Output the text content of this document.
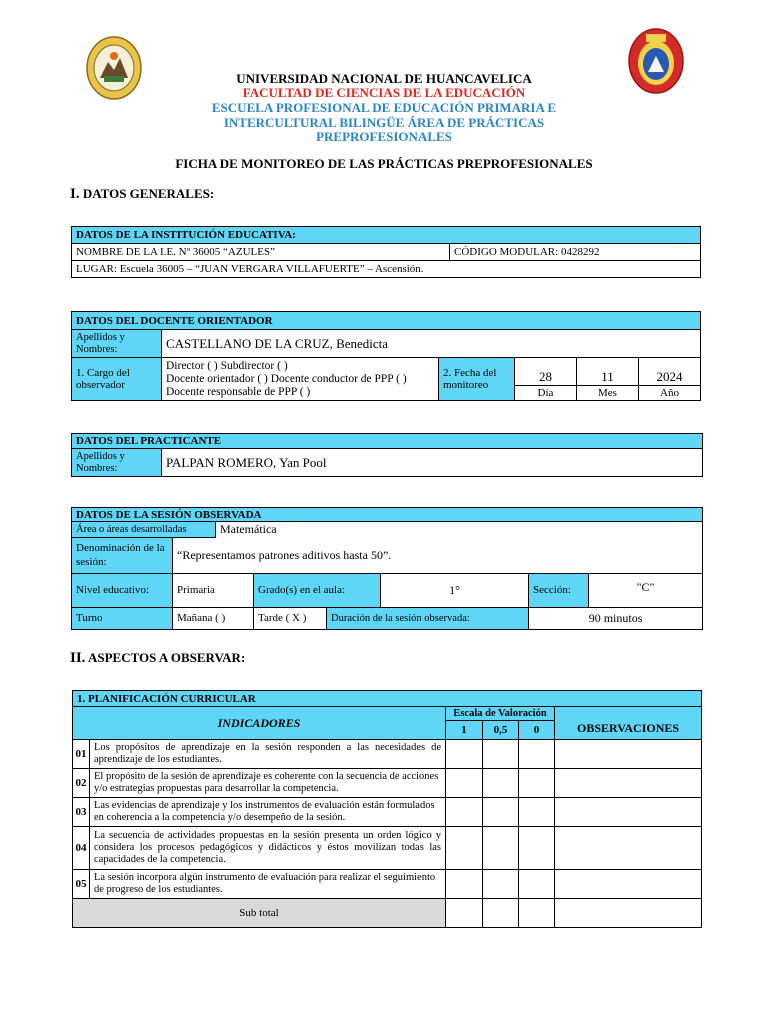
UNIVERSIDAD NACIONAL DE HUANCAVELICA
FACULTAD DE CIENCIAS DE LA EDUCACIÓN
ESCUELA PROFESIONAL DE EDUCACIÓN PRIMARIA E
INTERCULTURAL BILINGÜE ÁREA DE PRÁCTICAS
PREPROFESIONALES
FICHA DE MONITOREO DE LAS PRÁCTICAS PREPROFESIONALES
I. DATOS GENERALES:
DATOS DE LA INSTITUCIÓN EDUCATIVA:
NOMBRE DE LA I.E. Nº 36005 “AZULES”	CÓDIGO MODULAR: 0428292
LUGAR: Escuela 36005 – “JUAN VERGARA VILLAFUERTE” – Ascensión.
DATOS DEL DOCENTE ORIENTADOR					
Apellidos y Nombres:	CASTELLANO DE LA CRUZ, Benedicta				
1. Cargo del observador	Director ( ) Subdirector ( )
Docente orientador ( ) Docente conductor de PPP ( )
Docente responsable de PPP ( )	2. Fecha del monitoreo	28	11	2024
			Día	Mes	Año
DATOS DEL PRACTICANTE
Apellidos y Nombres:	PALPAN ROMERO, Yan Pool
DATOS DE LA SESIÓN OBSERVADA							
Área o áreas desarrolladas		Matemática					
Denominación de la sesión:	“Representamos patrones aditivos hasta 50”.						
Nivel educativo:	Primaria		Grado(s) en el aula:		1°	Sección:	"C"
Turno	Mañana ( )		Tarde ( X )	Duración de la sesión observada:		90 minutos	
II. ASPECTOS A OBSERVAR:
1. PLANIFICACIÓN CURRICULAR					
INDICADORES		Escala de Valoración			
		1	0,5	0	OBSERVACIONES
01	Los propósitos de aprendizaje en la sesión responden a las necesidades de aprendizaje de los estudiantes.				
02	El propósito de la sesión de aprendizaje es coherente con la secuencia de acciones y/o estrategias propuestas para desarrollar la competencia.				
03	Las evidencias de aprendizaje y los instrumentos de evaluación están formulados en coherencia a la competencia y/o desempeño de la sesión.				
04	La secuencia de actividades propuestas en la sesión presenta un orden lógico y considera los procesos pedagógicos y didácticos y éstos movilizan todas las capacidades de la competencia.				
05	La sesión incorpora algún instrumento de evaluación para realizar el seguimiento de progreso de los estudiantes.				
Sub total					
